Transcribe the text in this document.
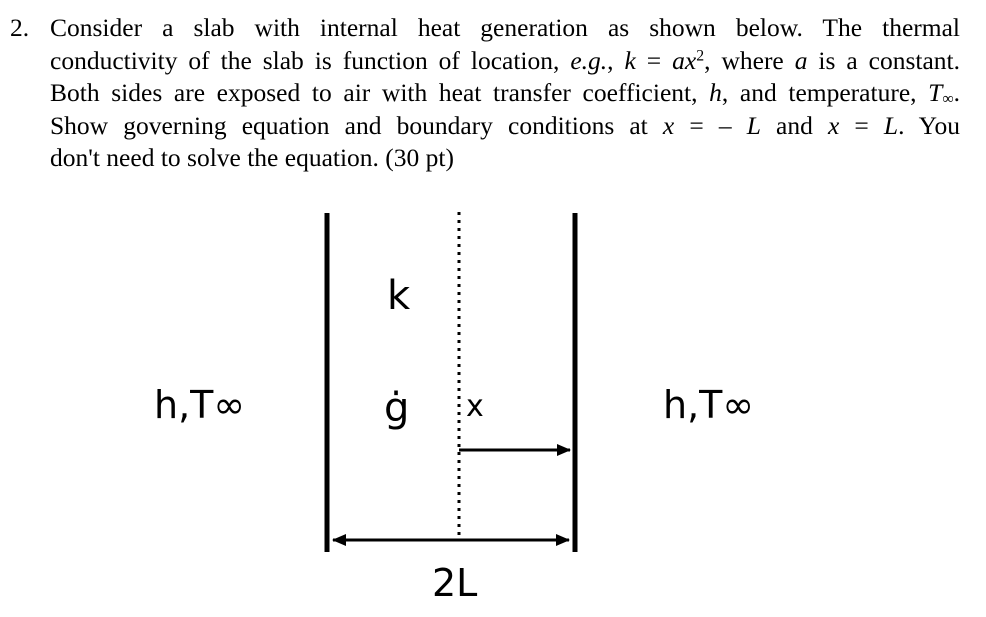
2. Consider a slab with internal heat generation as shown below. The thermal
conductivity of the slab is function of location, e.g., $k = ax^2$, where a is a constant.
Both sides are exposed to air with heat transfer coefficient, h, and temperature, $T_\infty$.
Show governing equation and boundary conditions at x = – L and x = L. You
don't need to solve the equation. (30 pt)
k
ġ x
h,T∞	h,T∞
2L
